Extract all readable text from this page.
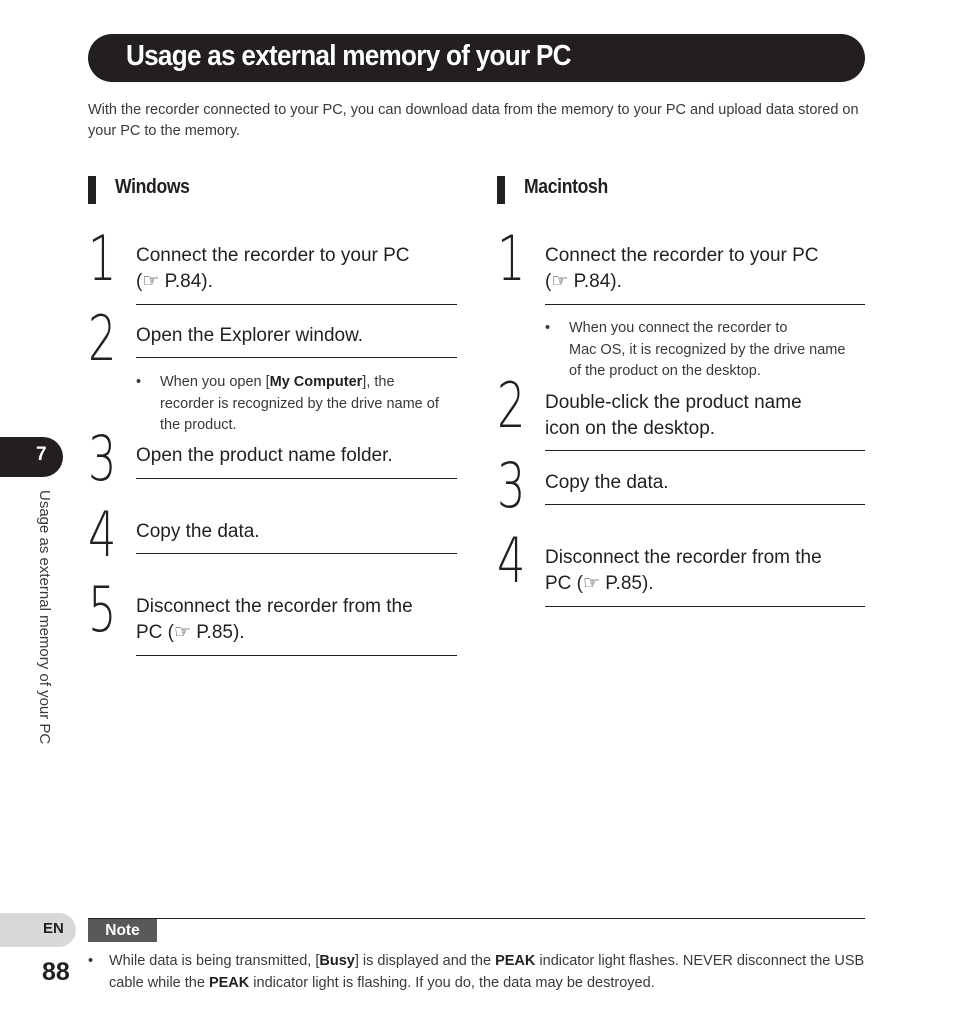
Usage as external memory of your PC
With the recorder connected to your PC, you can download data from the memory to your PC and upload data stored on your PC to the memory.
Windows
1 Connect the recorder to your PC
(☞ P.84).
2 Open the Explorer window.
• When you open [My Computer], the
recorder is recognized by the drive name of
the product.
3 Open the product name folder.
4 Copy the data.
5 Disconnect the recorder from the
PC (☞ P.85).
Macintosh
1 Connect the recorder to your PC
(☞ P.84).
• When you connect the recorder to
Mac OS, it is recognized by the drive name
of the product on the desktop.
2 Double-click the product name
icon on the desktop.
3 Copy the data.
4 Disconnect the recorder from the
PC (☞ P.85).
7
Usage as external memory of your PC
EN
88
Note
• While data is being transmitted, [Busy] is displayed and the PEAK indicator light flashes. NEVER disconnect the USB cable while the PEAK indicator light is flashing. If you do, the data may be destroyed.
